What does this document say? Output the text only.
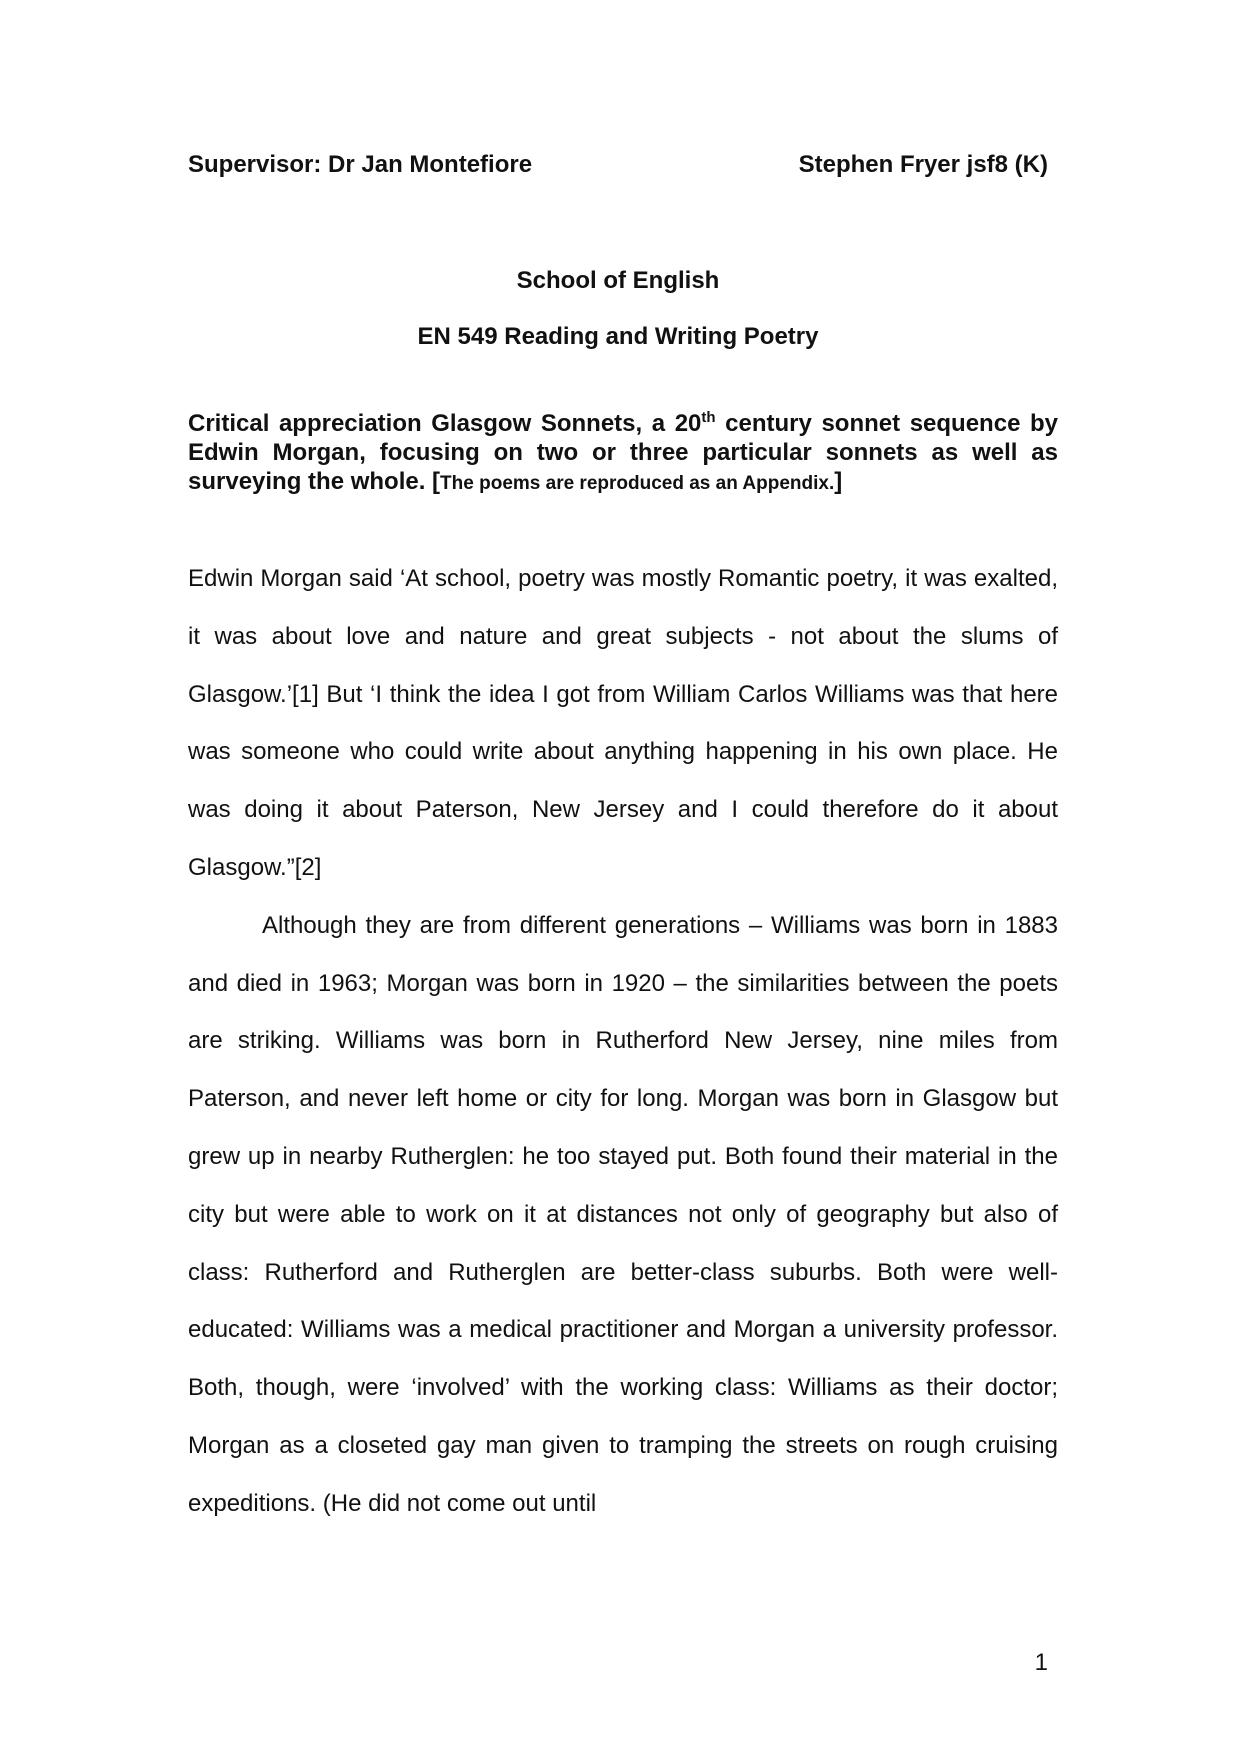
Supervisor: Dr Jan Montefiore	Stephen Fryer jsf8 (K)
School of English
EN 549 Reading and Writing Poetry
Critical appreciation Glasgow Sonnets, a 20th century sonnet sequence by Edwin Morgan, focusing on two or three particular sonnets as well as surveying the whole. [The poems are reproduced as an Appendix.]

Edwin Morgan said ‘At school, poetry was mostly Romantic poetry, it was exalted, it was about love and nature and great subjects - not about the slums of Glasgow.’[1] But ‘I think the idea I got from William Carlos Williams was that here was someone who could write about anything happening in his own place. He was doing it about Paterson, New Jersey and I could therefore do it about Glasgow.”[2]

Although they are from different generations – Williams was born in 1883 and died in 1963; Morgan was born in 1920 – the similarities between the poets are striking. Williams was born in Rutherford New Jersey, nine miles from Paterson, and never left home or city for long. Morgan was born in Glasgow but grew up in nearby Rutherglen: he too stayed put. Both found their material in the city but were able to work on it at distances not only of geography but also of class: Rutherford and Rutherglen are better-class suburbs. Both were well-educated: Williams was a medical practitioner and Morgan a university professor. Both, though, were ‘involved’ with the working class: Williams as their doctor; Morgan as a closeted gay man given to tramping the streets on rough cruising expeditions. (He did not come out until

1
